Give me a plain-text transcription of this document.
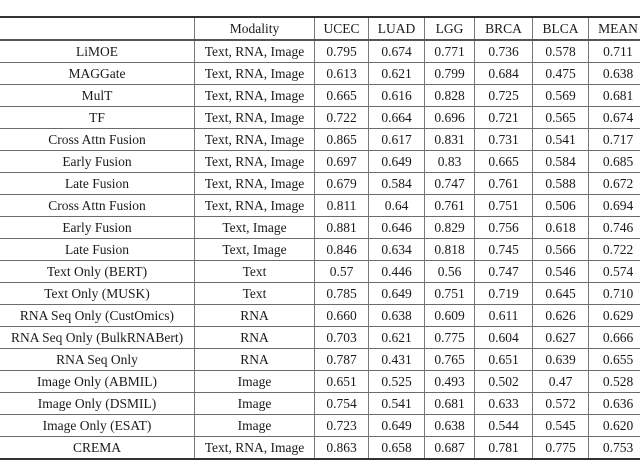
	Modality	UCEC	LUAD	LGG	BRCA	BLCA	MEAN
LiMOE	Text, RNA, Image	0.795	0.674	0.771	0.736	0.578	0.711
MAGGate	Text, RNA, Image	0.613	0.621	0.799	0.684	0.475	0.638
MulT	Text, RNA, Image	0.665	0.616	0.828	0.725	0.569	0.681
TF	Text, RNA, Image	0.722	0.664	0.696	0.721	0.565	0.674
Cross Attn Fusion	Text, RNA, Image	0.865	0.617	0.831	0.731	0.541	0.717
Early Fusion	Text, RNA, Image	0.697	0.649	0.83	0.665	0.584	0.685
Late Fusion	Text, RNA, Image	0.679	0.584	0.747	0.761	0.588	0.672
Cross Attn Fusion	Text, RNA, Image	0.811	0.64	0.761	0.751	0.506	0.694
Early Fusion	Text, Image	0.881	0.646	0.829	0.756	0.618	0.746
Late Fusion	Text, Image	0.846	0.634	0.818	0.745	0.566	0.722
Text Only (BERT)	Text	0.57	0.446	0.56	0.747	0.546	0.574
Text Only (MUSK)	Text	0.785	0.649	0.751	0.719	0.645	0.710
RNA Seq Only (CustOmics)	RNA	0.660	0.638	0.609	0.611	0.626	0.629
RNA Seq Only (BulkRNABert)	RNA	0.703	0.621	0.775	0.604	0.627	0.666
RNA Seq Only	RNA	0.787	0.431	0.765	0.651	0.639	0.655
Image Only (ABMIL)	Image	0.651	0.525	0.493	0.502	0.47	0.528
Image Only (DSMIL)	Image	0.754	0.541	0.681	0.633	0.572	0.636
Image Only (ESAT)	Image	0.723	0.649	0.638	0.544	0.545	0.620
CREMA	Text, RNA, Image	0.863	0.658	0.687	0.781	0.775	0.753
